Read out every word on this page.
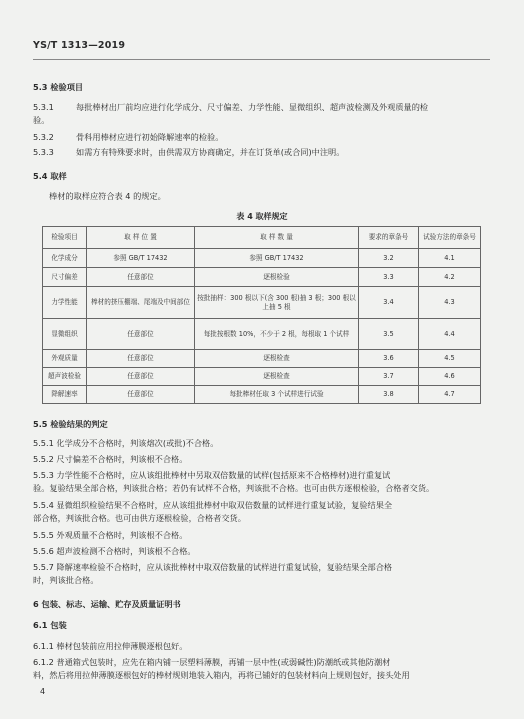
YS/T 1313—2019
5.3 检验项目
5.3.1	每批棒材出厂前均应进行化学成分、尺寸偏差、力学性能、显微组织、超声波检测及外观质量的检
验。
5.3.2	骨科用棒材应进行初始降解速率的检验。
5.3.3	如需方有特殊要求时，由供需双方协商确定，并在订货单(或合同)中注明。
5.4 取样
棒材的取样应符合表 4 的规定。
表 4 取样规定
检验项目	取 样 位 置	取 样 数 量	要求的章条号	试验方法的章条号
化学成分	参照 GB/T 17432	参照 GB/T 17432	3.2	4.1
尺寸偏差	任意部位	逐根检验	3.3	4.2
力学性能	棒材的挤压棚端、尾端及中间部位	按批抽样：300 根以下(含 300 根)抽 3 根；300 根以上抽 5 根	3.4	4.3
显微组织	任意部位	每批按根数 10%，不少于 2 根，每根取 1 个试样	3.5	4.4
外观质量	任意部位	逐根检查	3.6	4.5
超声波检验	任意部位	逐根检查	3.7	4.6
降解速率	任意部位	每批棒材任取 3 个试样进行试验	3.8	4.7
5.5 检验结果的判定
5.5.1 化学成分不合格时，判该熔次(或批)不合格。
5.5.2 尺寸偏差不合格时，判该根不合格。
5.5.3 力学性能不合格时，应从该组批棒材中另取双倍数量的试样(包括原来不合格棒材)进行重复试
验。复验结果全部合格，判该批合格；若仍有试样不合格，判该批不合格。也可由供方逐根检验，合格者交货。
5.5.4 显微组织检验结果不合格时，应从该组批棒材中取双倍数量的试样进行重复试验，复验结果全
部合格，判该批合格。也可由供方逐根检验，合格者交货。
5.5.5 外观质量不合格时，判该根不合格。
5.5.6 超声波检测不合格时，判该根不合格。
5.5.7 降解速率检验不合格时，应从该批棒材中取双倍数量的试样进行重复试验，复验结果全部合格
时，判该批合格。
6 包装、标志、运输、贮存及质量证明书
6.1 包装
6.1.1 棒材包装前应用拉伸薄膜逐根包好。
6.1.2 普通箱式包装时，应先在箱内铺一层塑料薄膜，再铺一层中性(或弱碱性)防潮纸或其他防潮材
料，然后将用拉伸薄膜逐根包好的棒材规则地装入箱内，再将已铺好的包装材料向上规则包好，接头处用
4
